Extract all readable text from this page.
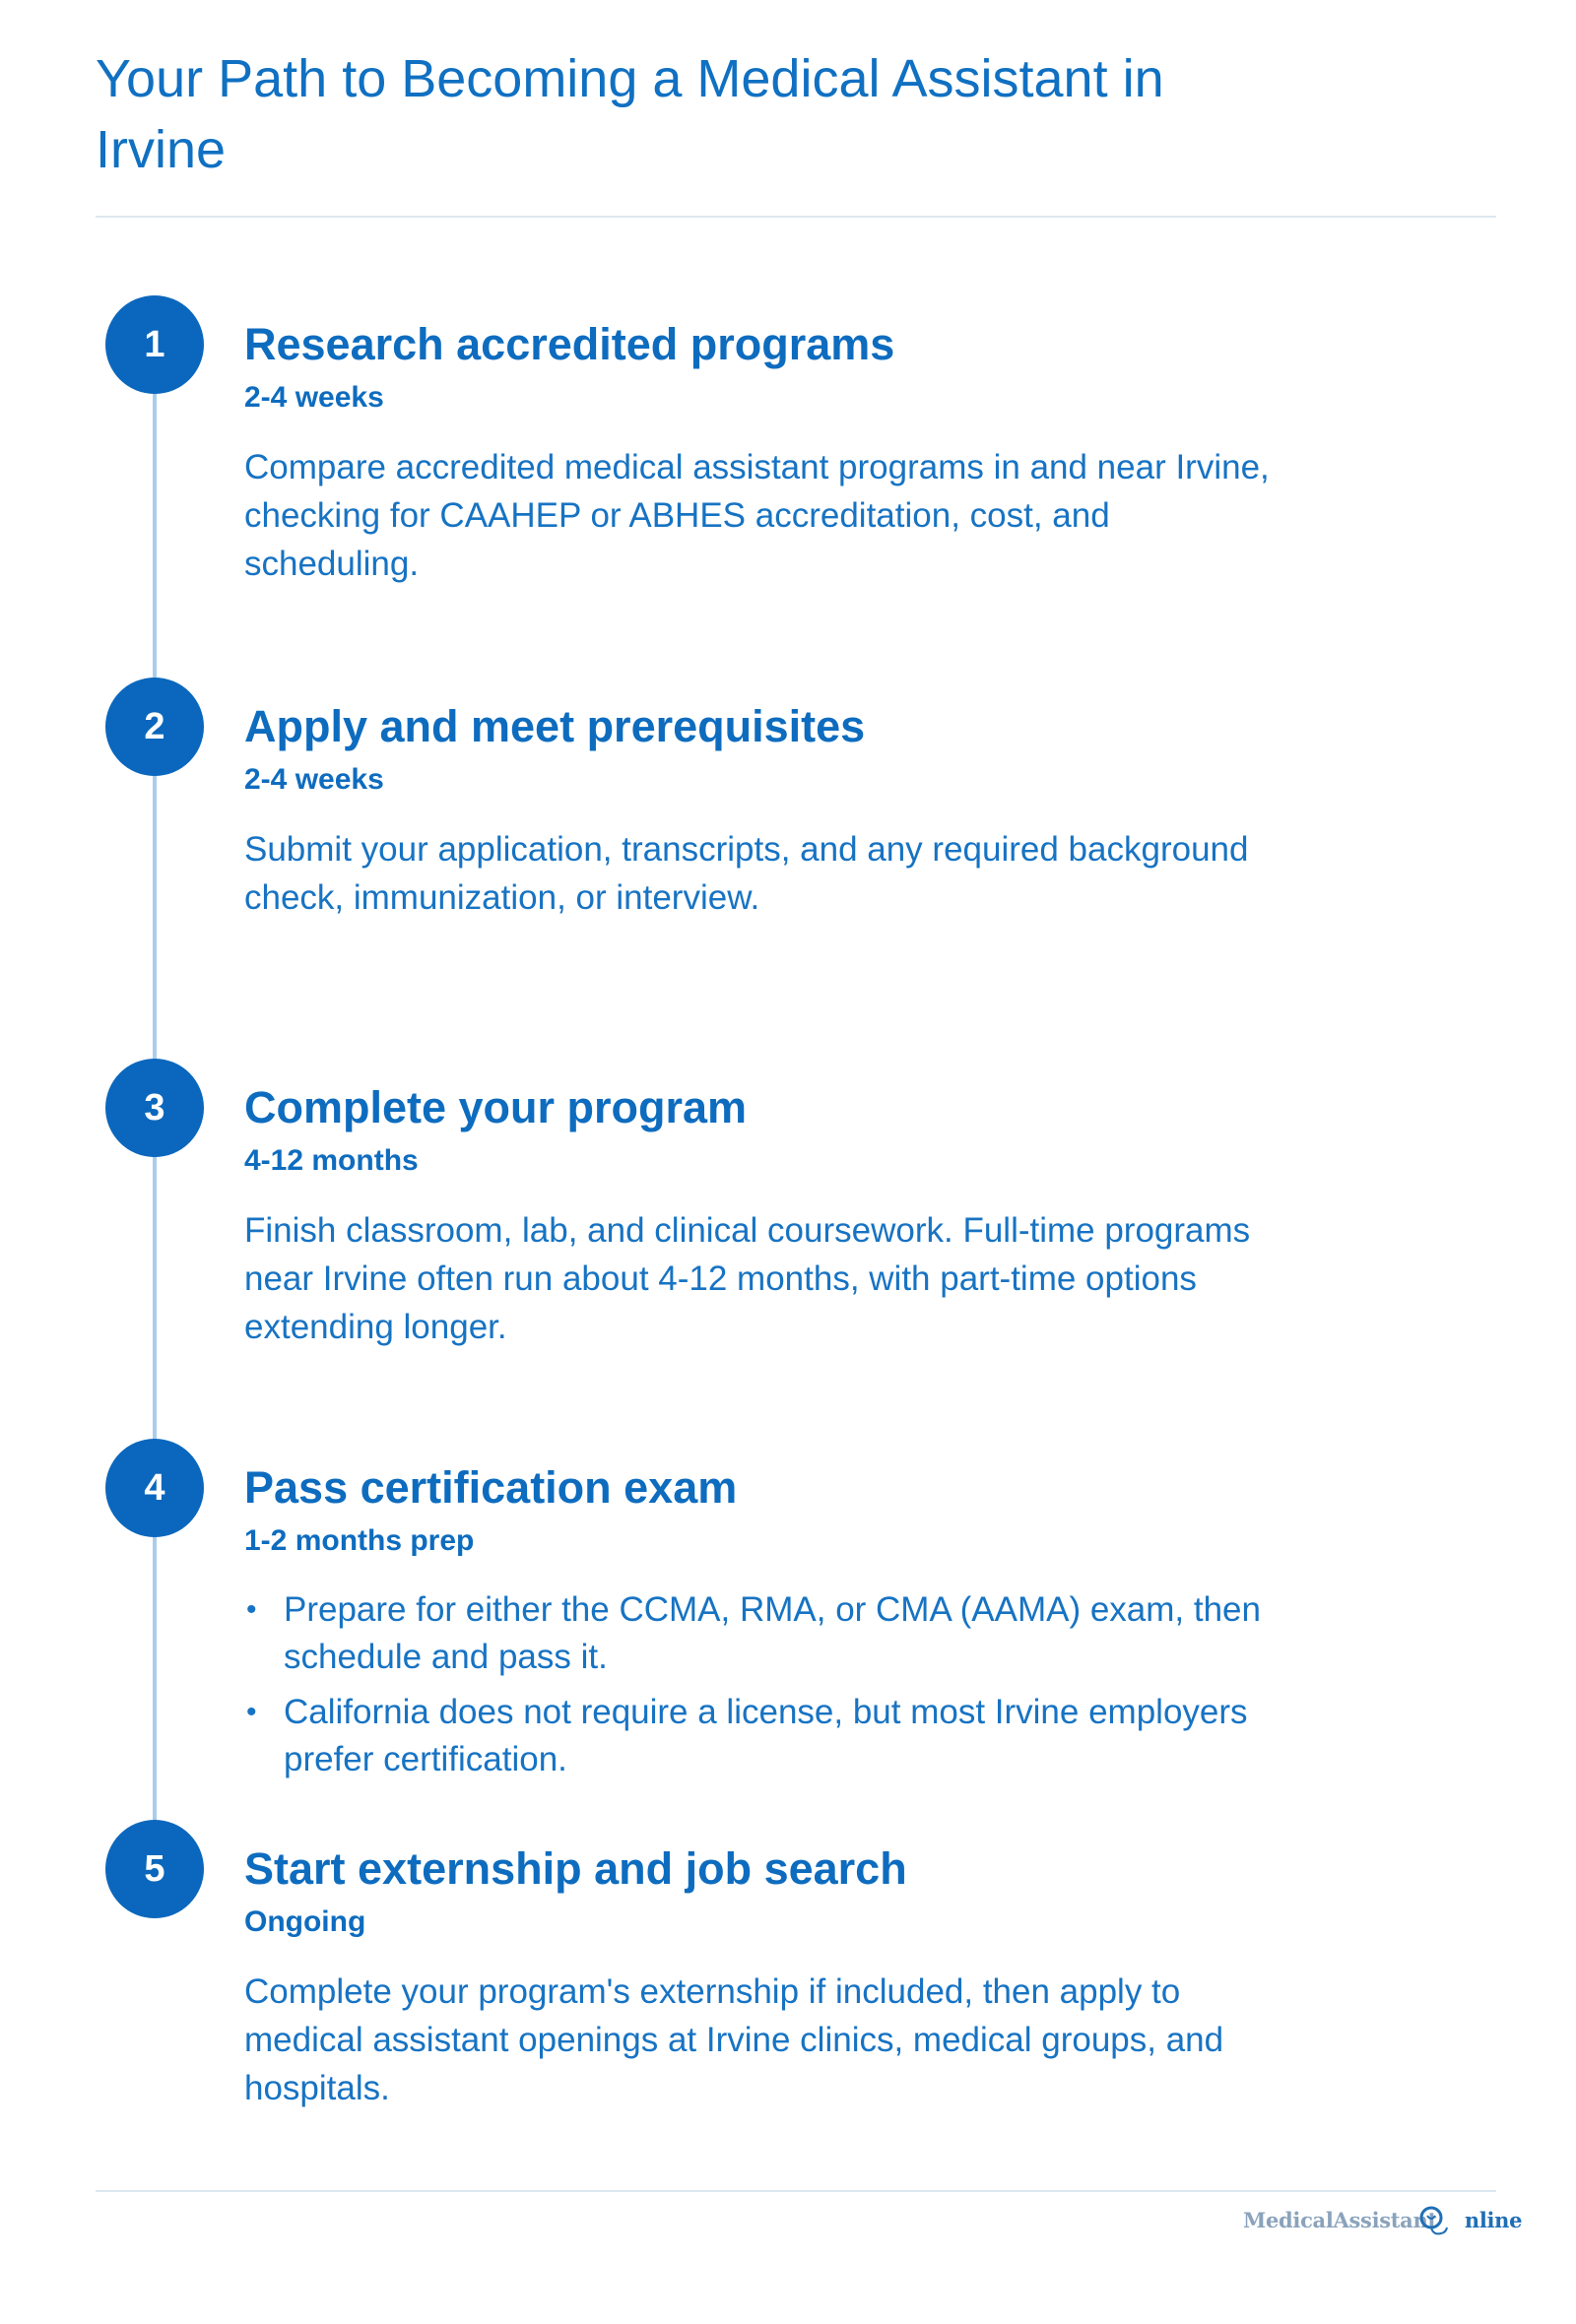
Your Path to Becoming a Medical Assistant in Irvine
1	Research accredited programs
2-4 weeks

Compare accredited medical assistant programs in and near Irvine, checking for CAAHEP or ABHES accreditation, cost, and scheduling.

2	Apply and meet prerequisites
2-4 weeks

Submit your application, transcripts, and any required background check, immunization, or interview.

3	Complete your program
4-12 months

Finish classroom, lab, and clinical coursework. Full-time programs near Irvine often run about 4-12 months, with part-time options extending longer.

4	Pass certification exam
1-2 months prep
• Prepare for either the CCMA, RMA, or CMA (AAMA) exam, then schedule and pass it.
• California does not require a license, but most Irvine employers prefer certification.
5	Start externship and job search
Ongoing

Complete your program's externship if included, then apply to medical assistant openings at Irvine clinics, medical groups, and hospitals.

MedicalAssistant nline
